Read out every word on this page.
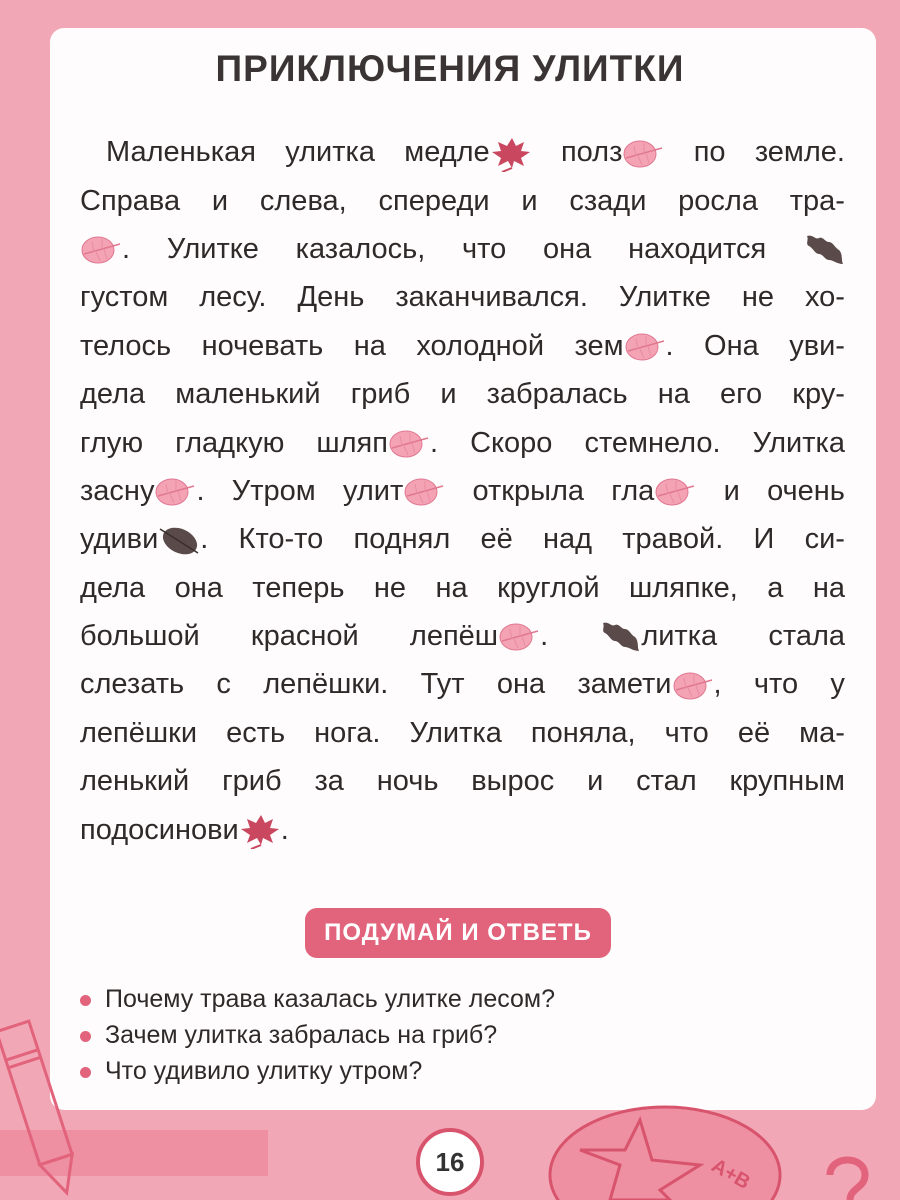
ПРИКЛЮЧЕНИЯ УЛИТКИ
Маленькая улитка медле	полз	по земле.
Справа и слева, спереди и сзади росла тра-
. Улитке казалось, что она находится
густом лесу. День заканчивался. Улитке не хо-
телось ночевать на холодной зем . Она уви-
дела маленький гриб и забралась на его кру-
глую гладкую шляп . Скоро стемнело. Улитка
засну . Утром улит	открыла гла	и очень
удиви . Кто-то поднял её над травой. И си-
дела она теперь не на круглой шляпке, а на
большой красной лепёш .	литка стала
слезать с лепёшки. Тут она замети , что у
лепёшки есть нога. Улитка поняла, что её ма-
ленький гриб за ночь вырос и стал крупным
подосинови .
ПОДУМАЙ И ОТВЕТЬ
Почему трава казалась улитке лесом?
Зачем улитка забралась на гриб?
Что удивило улитку утром?
16	A+B
